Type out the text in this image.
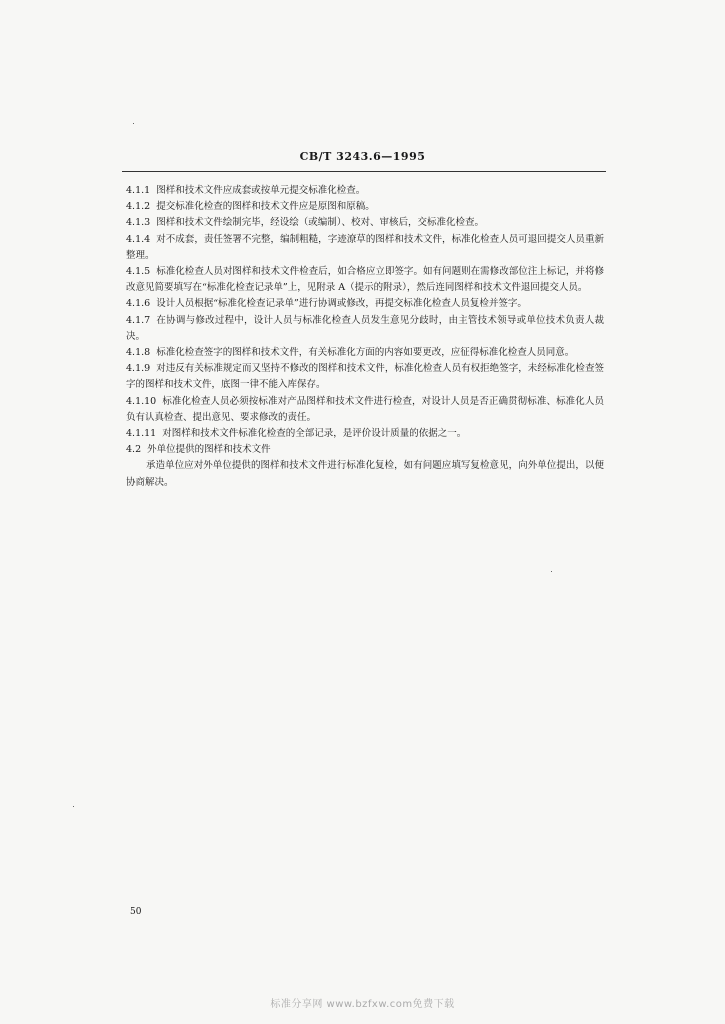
CB/T 3243.6—1995

4.1.1 图样和技术文件应成套或按单元提交标准化检查。

4.1.2 提交标准化检查的图样和技术文件应是原图和原稿。

4.1.3 图样和技术文件绘制完毕，经设绘（或编制）、校对、审核后，交标准化检查。

4.1.4 对不成套，责任签署不完整，编制粗糙，字迹潦草的图样和技术文件，标准化检查人员可退回提交人员重新整理。

4.1.5 标准化检查人员对图样和技术文件检查后，如合格应立即签字。如有问题则在需修改部位注上标记，并将修改意见简要填写在“标准化检查记录单”上，见附录 A（提示的附录），然后连同图样和技术文件退回提交人员。

4.1.6 设计人员根据“标准化检查记录单”进行协调或修改，再提交标准化检查人员复检并签字。

4.1.7 在协调与修改过程中，设计人员与标准化检查人员发生意见分歧时，由主管技术领导或单位技术负责人裁决。

4.1.8 标准化检查签字的图样和技术文件，有关标准化方面的内容如要更改，应征得标准化检查人员同意。

4.1.9 对违反有关标准规定而又坚持不修改的图样和技术文件，标准化检查人员有权拒绝签字，未经标准化检查签字的图样和技术文件，底图一律不能入库保存。

4.1.10 标准化检查人员必须按标准对产品图样和技术文件进行检查，对设计人员是否正确贯彻标准、标准化人员负有认真检查、提出意见、要求修改的责任。

4.1.11 对图样和技术文件标准化检查的全部记录，是评价设计质量的依据之一。

4.2 外单位提供的图样和技术文件

承造单位应对外单位提供的图样和技术文件进行标准化复检，如有问题应填写复检意见，向外单位提出，以便协商解决。

50
标准分享网 www.bzfxw.com免费下载
